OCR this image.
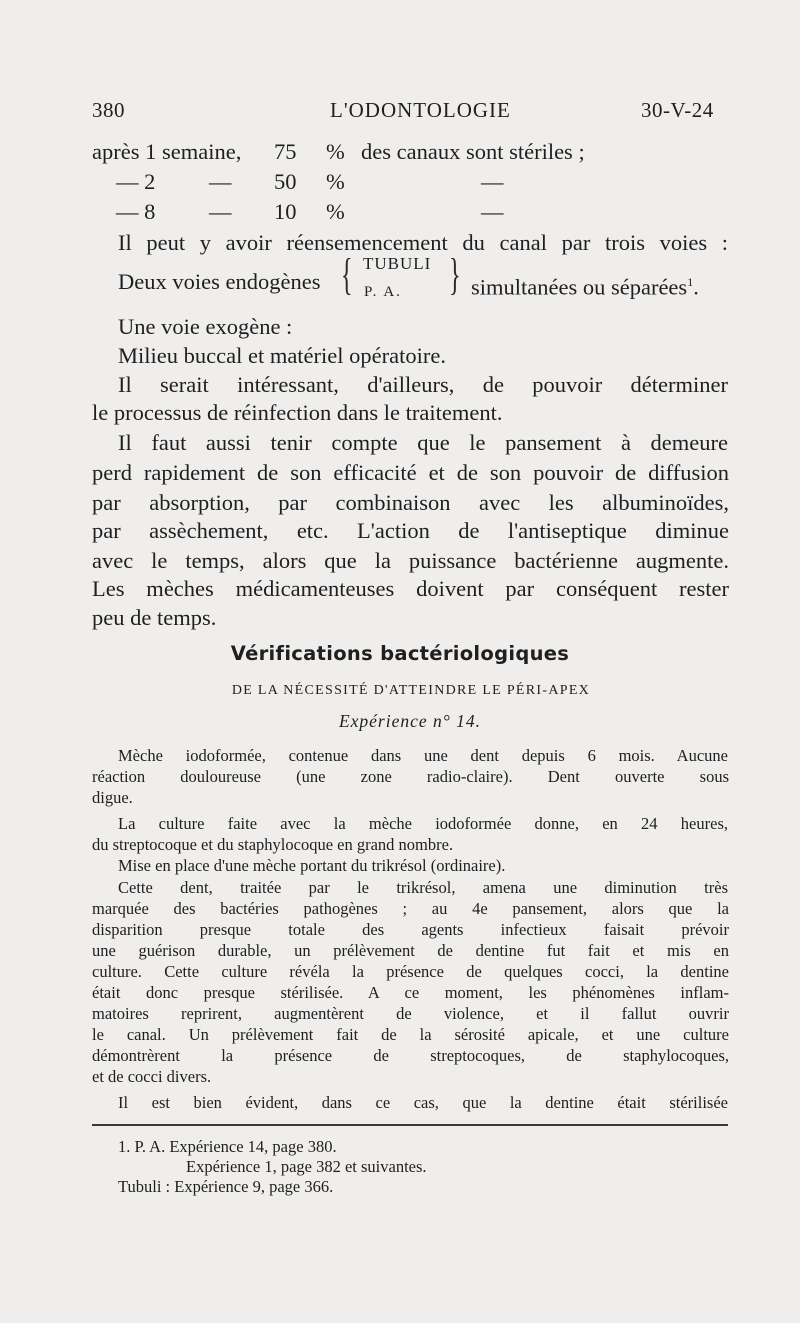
380	L'ODONTOLOGIE	30-V-24
après 1 semaine, 75 % des canaux sont stériles ;
— 2 — 50 %	—
— 8 — 10 %	—
Il peut y avoir réensemencement du canal par trois voies :
Deux voies endogènes { TUBULI
P. A. } simultanées ou séparées$^1$.
Une voie exogène :
Milieu buccal et matériel opératoire.
Il serait intéressant, d'ailleurs, de pouvoir déterminer
le processus de réinfection dans le traitement.
Il faut aussi tenir compte que le pansement à demeure
perd rapidement de son efficacité et de son pouvoir de diffusion
par absorption, par combinaison avec les albuminoïdes,
par assèchement, etc. L'action de l'antiseptique diminue
avec le temps, alors que la puissance bactérienne augmente.
Les mèches médicamenteuses doivent par conséquent rester
peu de temps.
Vérifications bactériologiques
DE LA NÉCESSITÉ D'ATTEINDRE LE PÉRI-APEX
Expérience n° 14.
Mèche iodoformée, contenue dans une dent depuis 6 mois. Aucune
réaction douloureuse (une zone radio-claire). Dent ouverte sous
digue.
La culture faite avec la mèche iodoformée donne, en 24 heures,
du streptocoque et du staphylocoque en grand nombre.
Mise en place d'une mèche portant du trikrésol (ordinaire).
Cette dent, traitée par le trikrésol, amena une diminution très
marquée des bactéries pathogènes ; au 4e pansement, alors que la
disparition presque totale des agents infectieux faisait prévoir
une guérison durable, un prélèvement de dentine fut fait et mis en
culture. Cette culture révéla la présence de quelques cocci, la dentine
était donc presque stérilisée. A ce moment, les phénomènes inflam-
matoires reprirent, augmentèrent de violence, et il fallut ouvrir
le canal. Un prélèvement fait de la sérosité apicale, et une culture
démontrèrent la présence de streptocoques, de staphylocoques,
et de cocci divers.
Il est bien évident, dans ce cas, que la dentine était stérilisée
1. P. A. Expérience 14, page 380.
Expérience 1, page 382 et suivantes.
Tubuli : Expérience 9, page 366.
